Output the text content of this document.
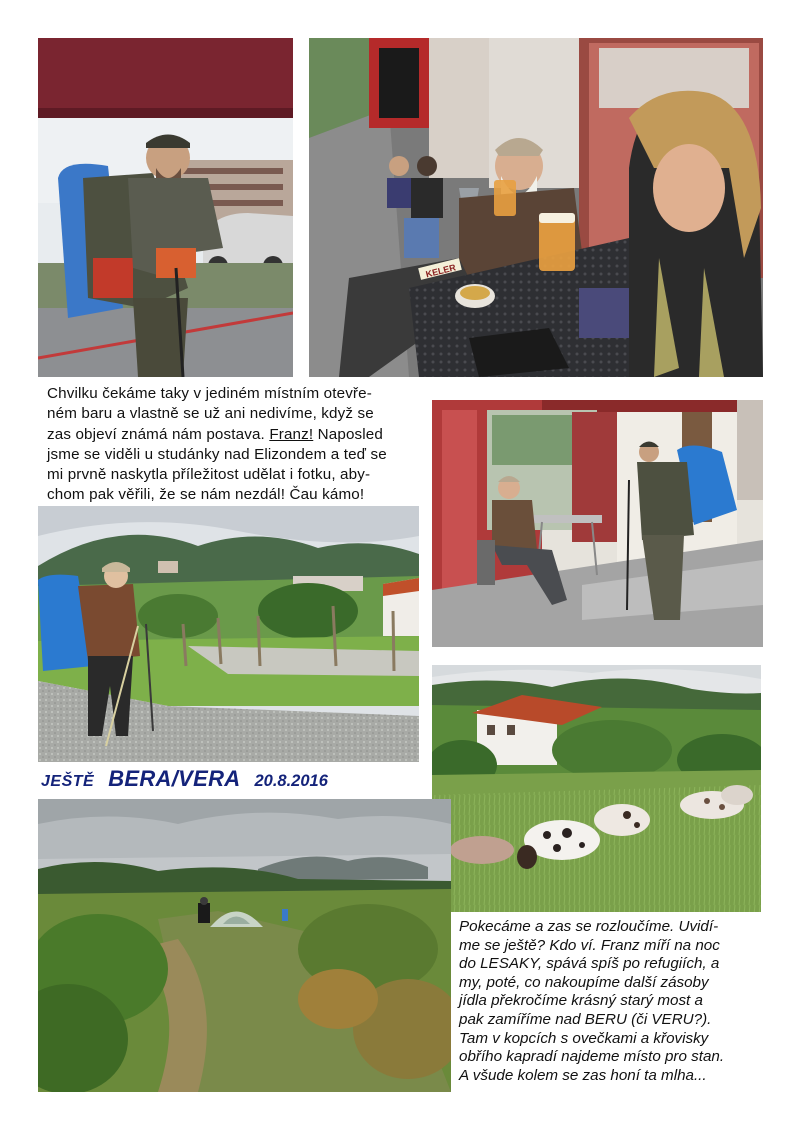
KELER
Chvilku čekáme taky v jediném místním otevře-
ném baru a vlastně se už ani nedivíme, když se
zas objeví známá nám postava. Franz! Naposled
jsme se viděli u studánky nad Elizondem a teď se
mi prvně naskytla příležitost udělat i fotku, aby-
chom pak věřili, že se nám nezdál! Čau kámo!
JEŠTĚ BERA/VERA 20.8.2016
Pokecáme a zas se rozloučíme. Uvidí-
me se ještě? Kdo ví. Franz míří na noc
do LESAKY, spává spíš po refugiích, a
my, poté, co nakoupíme další zásoby
jídla překročíme krásný starý most a
pak zamíříme nad BERU (či VERU?).
Tam v kopcích s ovečkami a křovisky
obřího kapradí najdeme místo pro stan.
A všude kolem se zas honí ta mlha...
